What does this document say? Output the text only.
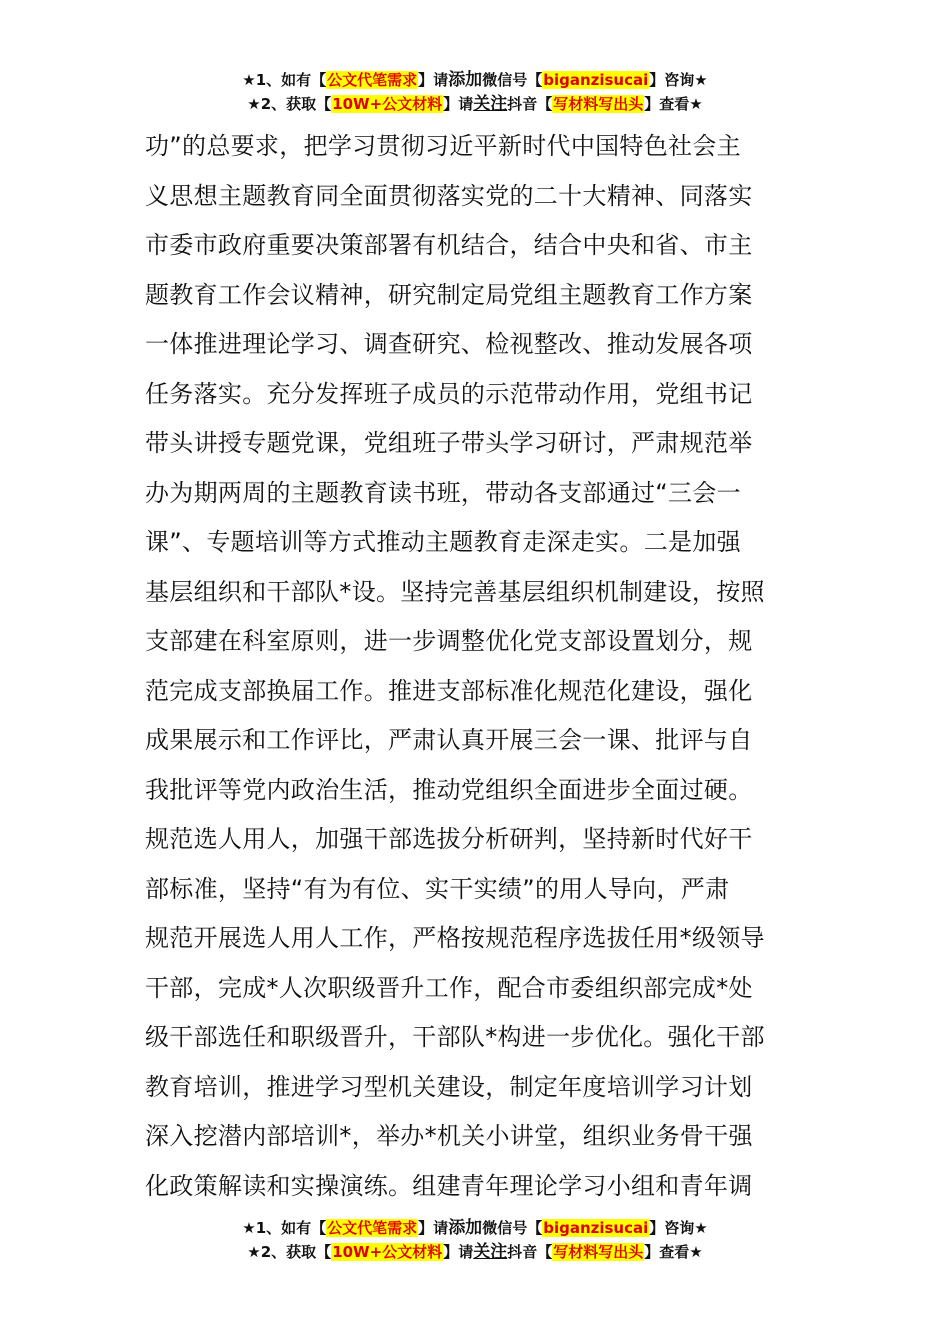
★1、如有【公文代笔需求】请添加微信号【biganzisucai】咨询★
★2、获取【10W+公文材料】请关注抖音【写材料写出头】查看★
功”的总要求，把学习贯彻习近平新时代中国特色社会主
义思想主题教育同全面贯彻落实党的二十大精神、同落实
市委市政府重要决策部署有机结合，结合中央和省、市主
题教育工作会议精神，研究制定局党组主题教育工作方案
一体推进理论学习、调查研究、检视整改、推动发展各项
任务落实。充分发挥班子成员的示范带动作用，党组书记
带头讲授专题党课，党组班子带头学习研讨，严肃规范举
办为期两周的主题教育读书班，带动各支部通过“三会一
课”、专题培训等方式推动主题教育走深走实。二是加强
基层组织和干部队*设。坚持完善基层组织机制建设，按照
支部建在科室原则，进一步调整优化党支部设置划分，规
范完成支部换届工作。推进支部标准化规范化建设，强化
成果展示和工作评比，严肃认真开展三会一课、批评与自
我批评等党内政治生活，推动党组织全面进步全面过硬。
规范选人用人，加强干部选拔分析研判，坚持新时代好干
部标准，坚持“有为有位、实干实绩”的用人导向，严肃
规范开展选人用人工作，严格按规范程序选拔任用*级领导
干部，完成*人次职级晋升工作，配合市委组织部完成*处
级干部选任和职级晋升，干部队*构进一步优化。强化干部
教育培训，推进学习型机关建设，制定年度培训学习计划
深入挖潜内部培训*，举办*机关小讲堂，组织业务骨干强
化政策解读和实操演练。组建青年理论学习小组和青年调
★1、如有【公文代笔需求】请添加微信号【biganzisucai】咨询★
★2、获取【10W+公文材料】请关注抖音【写材料写出头】查看★
